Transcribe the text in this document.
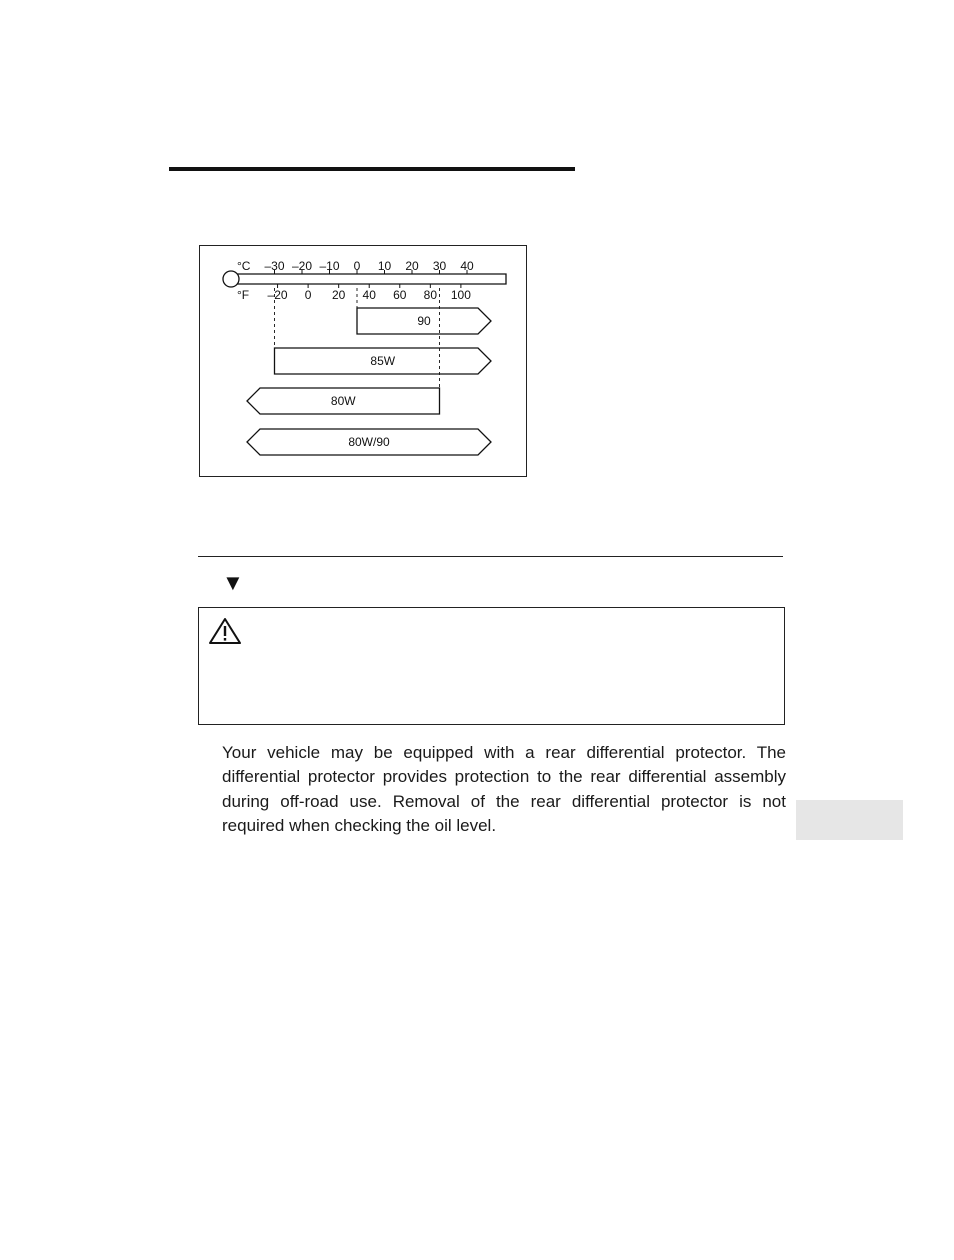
°C –30 –20 –10 0 10 20 30 40
°F –20 0 20 40 60 80 100
90
85W
80W
80W/90
▼
Your vehicle may be equipped with a rear differential protector. The differential protector provides protection to the rear differential assembly during off-road use. Removal of the rear differential protector is not required when checking the oil level.
